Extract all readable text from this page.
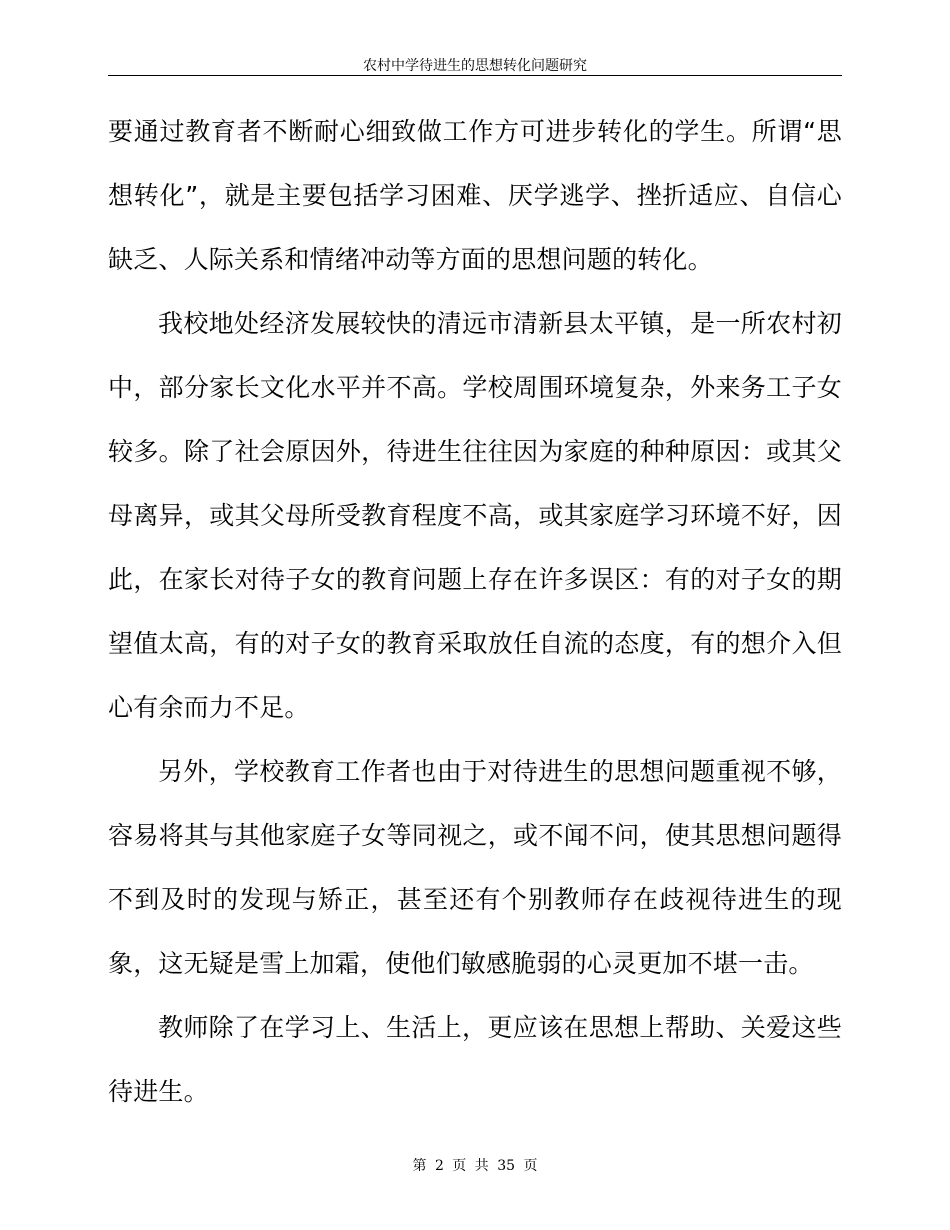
农村中学待进生的思想转化问题研究

要通过教育者不断耐心细致做工作方可进步转化的学生。所谓“思想转化”，就是主要包括学习困难、厌学逃学、挫折适应、自信心缺乏、人际关系和情绪冲动等方面的思想问题的转化。

我校地处经济发展较快的清远市清新县太平镇，是一所农村初中，部分家长文化水平并不高。学校周围环境复杂，外来务工子女较多。除了社会原因外，待进生往往因为家庭的种种原因：或其父母离异，或其父母所受教育程度不高，或其家庭学习环境不好，因此，在家长对待子女的教育问题上存在许多误区：有的对子女的期望值太高，有的对子女的教育采取放任自流的态度，有的想介入但心有余而力不足。

另外，学校教育工作者也由于对待进生的思想问题重视不够，容易将其与其他家庭子女等同视之，或不闻不问，使其思想问题得不到及时的发现与矫正，甚至还有个别教师存在歧视待进生的现象，这无疑是雪上加霜，使他们敏感脆弱的心灵更加不堪一击。

教师除了在学习上、生活上，更应该在思想上帮助、关爱这些待进生。

第 2 页 共 35 页
